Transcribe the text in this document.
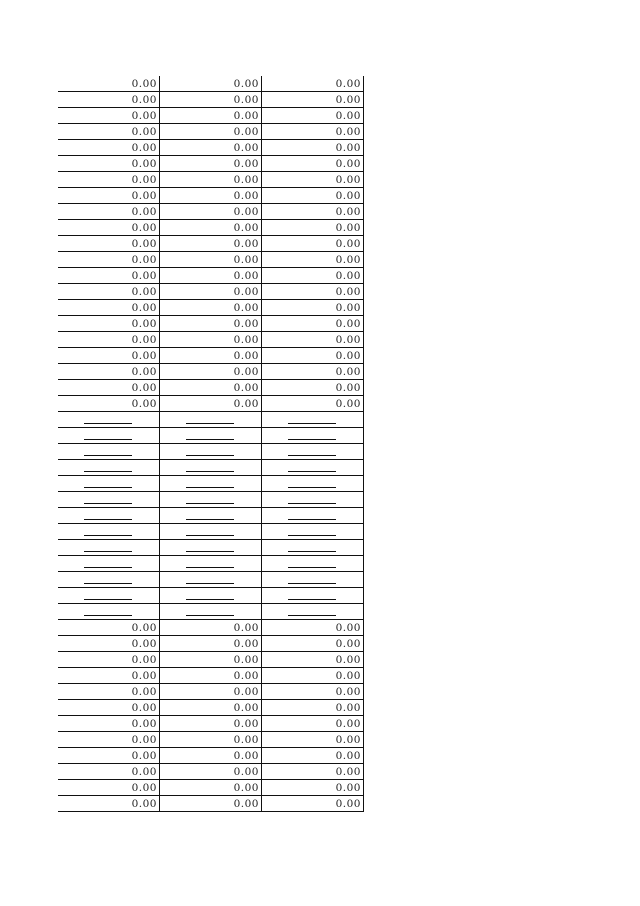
0.00	0.00	0.00
0.00	0.00	0.00
0.00	0.00	0.00
0.00	0.00	0.00
0.00	0.00	0.00
0.00	0.00	0.00
0.00	0.00	0.00
0.00	0.00	0.00
0.00	0.00	0.00
0.00	0.00	0.00
0.00	0.00	0.00
0.00	0.00	0.00
0.00	0.00	0.00
0.00	0.00	0.00
0.00	0.00	0.00
0.00	0.00	0.00
0.00	0.00	0.00
0.00	0.00	0.00
0.00	0.00	0.00
0.00	0.00	0.00
0.00	0.00	0.00
0.00	0.00	0.00
0.00	0.00	0.00
0.00	0.00	0.00
0.00	0.00	0.00
0.00	0.00	0.00
0.00	0.00	0.00
0.00	0.00	0.00
0.00	0.00	0.00
0.00	0.00	0.00
0.00	0.00	0.00
0.00	0.00	0.00
0.00	0.00	0.00
